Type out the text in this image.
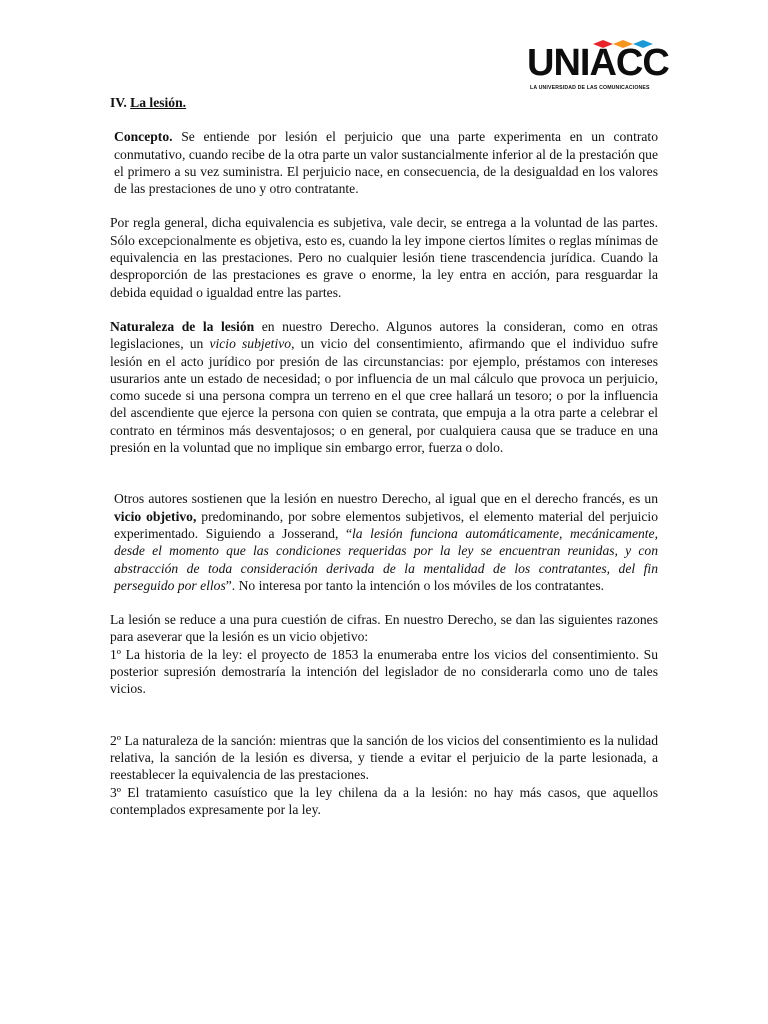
UNIACC
LA UNIVERSIDAD DE LAS COMUNICACIONES

IV. La lesión.

Concepto. Se entiende por lesión el perjuicio que una parte experimenta en un contrato conmutativo, cuando recibe de la otra parte un valor sustancialmente inferior al de la prestación que el primero a su vez suministra. El perjuicio nace, en consecuencia, de la desigualdad en los valores de las prestaciones de uno y otro contratante.

Por regla general, dicha equivalencia es subjetiva, vale decir, se entrega a la voluntad de las partes. Sólo excepcionalmente es objetiva, esto es, cuando la ley impone ciertos límites o reglas mínimas de equivalencia en las prestaciones. Pero no cualquier lesión tiene trascendencia jurídica. Cuando la desproporción de las prestaciones es grave o enorme, la ley entra en acción, para resguardar la debida equidad o igualdad entre las partes.

Naturaleza de la lesión en nuestro Derecho. Algunos autores la consideran, como en otras legislaciones, un vicio subjetivo, un vicio del consentimiento, afirmando que el individuo sufre lesión en el acto jurídico por presión de las circunstancias: por ejemplo, préstamos con intereses usurarios ante un estado de necesidad; o por influencia de un mal cálculo que provoca un perjuicio, como sucede si una persona compra un terreno en el que cree hallará un tesoro; o por la influencia del ascendiente que ejerce la persona con quien se contrata, que empuja a la otra parte a celebrar el contrato en términos más desventajosos; o en general, por cualquiera causa que se traduce en una presión en la voluntad que no implique sin embargo error, fuerza o dolo.

Otros autores sostienen que la lesión en nuestro Derecho, al igual que en el derecho francés, es un vicio objetivo, predominando, por sobre elementos subjetivos, el elemento material del perjuicio experimentado. Siguiendo a Josserand, “la lesión funciona automáticamente, mecánicamente, desde el momento que las condiciones requeridas por la ley se encuentran reunidas, y con abstracción de toda consideración derivada de la mentalidad de los contratantes, del fin perseguido por ellos”. No interesa por tanto la intención o los móviles de los contratantes.

La lesión se reduce a una pura cuestión de cifras. En nuestro Derecho, se dan las siguientes razones para aseverar que la lesión es un vicio objetivo:

1º La historia de la ley: el proyecto de 1853 la enumeraba entre los vicios del consentimiento. Su posterior supresión demostraría la intención del legislador de no considerarla como uno de tales vicios.

2º La naturaleza de la sanción: mientras que la sanción de los vicios del consentimiento es la nulidad relativa, la sanción de la lesión es diversa, y tiende a evitar el perjuicio de la parte lesionada, a reestablecer la equivalencia de las prestaciones.

3º El tratamiento casuístico que la ley chilena da a la lesión: no hay más casos, que aquellos contemplados expresamente por la ley.
